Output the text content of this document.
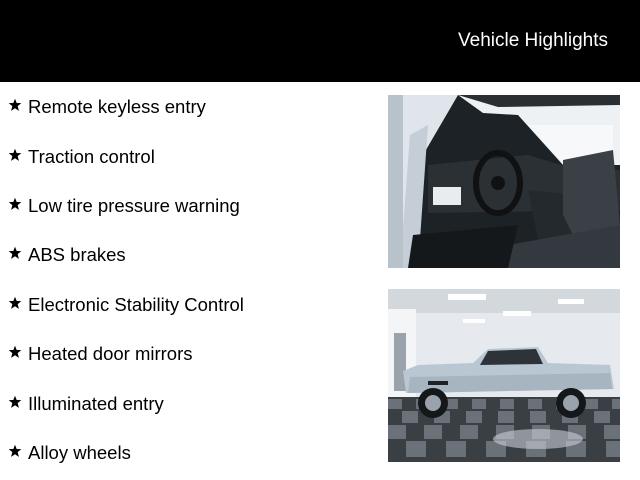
Vehicle Highlights
Remote keyless entry
Traction control
Low tire pressure warning
ABS brakes
Electronic Stability Control
Heated door mirrors
Illuminated entry
Alloy wheels
